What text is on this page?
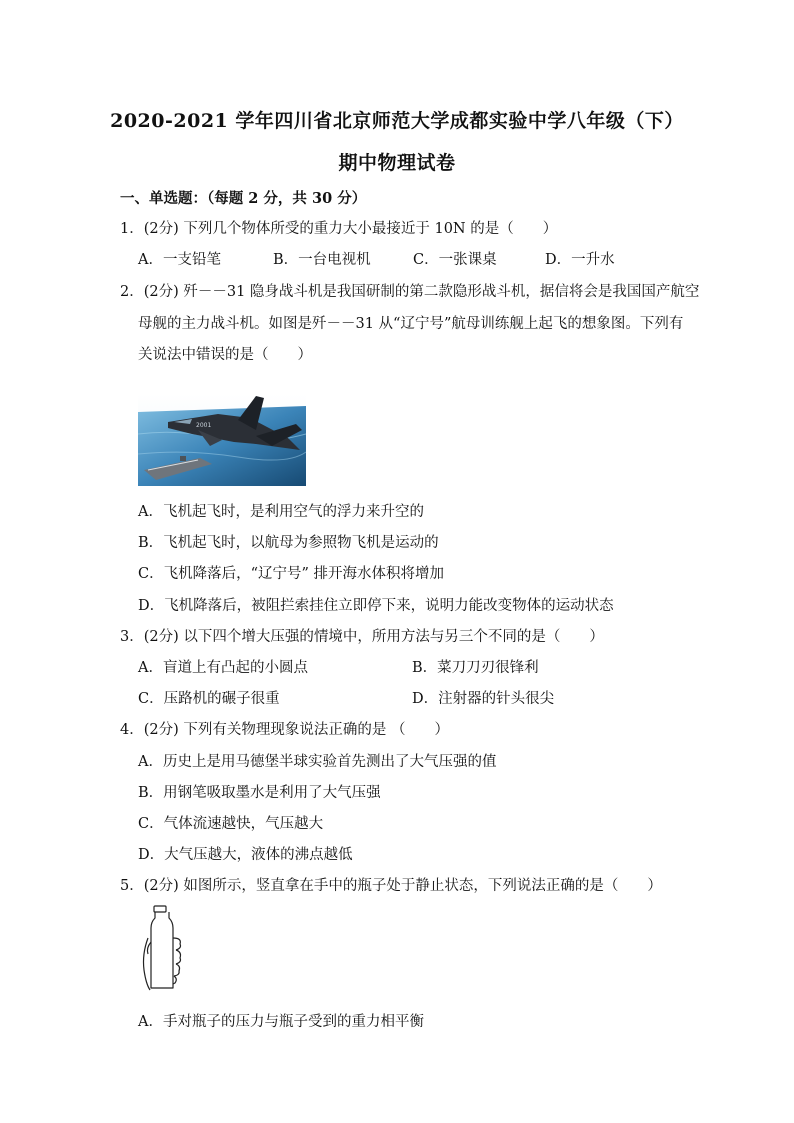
2020-2021 学年四川省北京师范大学成都实验中学八年级（下）
期中物理试卷
一、单选题：（每题 2 分，共 30 分）
1．(2分) 下列几个物体所受的重力大小最接近于 10N 的是（　　）
A．一支铅笔	B．一台电视机	C．一张课桌	D．一升水
2．(2分) 歼－－31 隐身战斗机是我国研制的第二款隐形战斗机，据信将会是我国国产航空
母舰的主力战斗机。如图是歼－－31 从“辽宁号”航母训练舰上起飞的想象图。下列有
关说法中错误的是（　　）
2001
A．飞机起飞时，是利用空气的浮力来升空的
B．飞机起飞时，以航母为参照物飞机是运动的
C．飞机降落后，“辽宁号” 排开海水体积将增加
D．飞机降落后，被阻拦索挂住立即停下来，说明力能改变物体的运动状态
3．(2分) 以下四个增大压强的情境中，所用方法与另三个不同的是（　　）
A．盲道上有凸起的小圆点	B．菜刀刀刃很锋利
C．压路机的碾子很重	D．注射器的针头很尖
4．(2分) 下列有关物理现象说法正确的是 （　　）
A．历史上是用马德堡半球实验首先测出了大气压强的值
B．用钢笔吸取墨水是利用了大气压强
C．气体流速越快，气压越大
D．大气压越大，液体的沸点越低
5．(2分) 如图所示，竖直拿在手中的瓶子处于静止状态，下列说法正确的是（　　）
A．手对瓶子的压力与瓶子受到的重力相平衡
